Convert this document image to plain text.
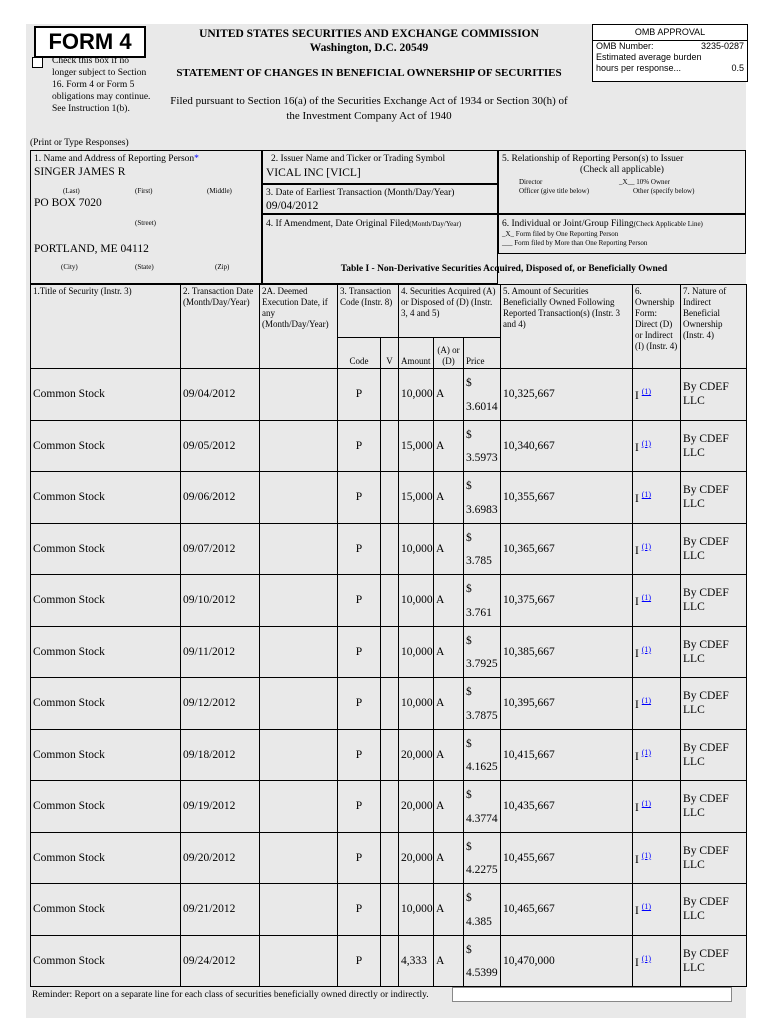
FORM 4
Check this box if no longer subject to Section 16. Form 4 or Form 5 obligations may continue. See Instruction 1(b).
UNITED STATES SECURITIES AND EXCHANGE COMMISSION
Washington, D.C. 20549
STATEMENT OF CHANGES IN BENEFICIAL OWNERSHIP OF SECURITIES
Filed pursuant to Section 16(a) of the Securities Exchange Act of 1934 or Section 30(h) of
the Investment Company Act of 1940
OMB APPROVAL
OMB Number:	3235-0287
Estimated average burden
hours per response...	0.5
(Print or Type Responses)
1. Name and Address of Reporting Person*
SINGER JAMES R
(Last)	(First)	(Middle)
PO BOX 7020
(Street)
PORTLAND, ME 04112
(City)	(State)	(Zip)
2. Issuer Name and Ticker or Trading Symbol
VICAL INC [VICL]
3. Date of Earliest Transaction (Month/Day/Year)
09/04/2012
4. If Amendment, Date Original Filed(Month/Day/Year)
5. Relationship of Reporting Person(s) to Issuer
(Check all applicable)
Director	_X__ 10% Owner
Officer (give title below)	Other (specify below)
6. Individual or Joint/Group Filing(Check Applicable Line)
_X_ Form filed by One Reporting Person
___ Form filed by More than One Reporting Person
Table I - Non-Derivative Securities Acquired, Disposed of, or Beneficially Owned
1.Title of Security (Instr. 3)	2. Transaction Date (Month/Day/Year)	2A. Deemed Execution Date, if any (Month/Day/Year)	3. Transaction Code (Instr. 8)		4. Securities Acquired (A) or Disposed of (D) (Instr. 3, 4 and 5)			5. Amount of Securities Beneficially Owned Following Reported Transaction(s) (Instr. 3 and 4)	6. Ownership Form: Direct (D) or Indirect (I) (Instr. 4)	7. Nature of Indirect Beneficial Ownership (Instr. 4)
			Code	V	Amount	(A) or (D)	Price			
Common Stock	09/04/2012		P		10,000	A	$
3.6014	10,325,667	I $^{(1)}$	By CDEF LLC
Common Stock	09/05/2012		P		15,000	A	$
3.5973	10,340,667	I $^{(1)}$	By CDEF LLC
Common Stock	09/06/2012		P		15,000	A	$
3.6983	10,355,667	I $^{(1)}$	By CDEF LLC
Common Stock	09/07/2012		P		10,000	A	$
3.785	10,365,667	I $^{(1)}$	By CDEF LLC
Common Stock	09/10/2012		P		10,000	A	$
3.761	10,375,667	I $^{(1)}$	By CDEF LLC
Common Stock	09/11/2012		P		10,000	A	$
3.7925	10,385,667	I $^{(1)}$	By CDEF LLC
Common Stock	09/12/2012		P		10,000	A	$
3.7875	10,395,667	I $^{(1)}$	By CDEF LLC
Common Stock	09/18/2012		P		20,000	A	$
4.1625	10,415,667	I $^{(1)}$	By CDEF LLC
Common Stock	09/19/2012		P		20,000	A	$
4.3774	10,435,667	I $^{(1)}$	By CDEF LLC
Common Stock	09/20/2012		P		20,000	A	$
4.2275	10,455,667	I $^{(1)}$	By CDEF LLC
Common Stock	09/21/2012		P		10,000	A	$
4.385	10,465,667	I $^{(1)}$	By CDEF LLC
Common Stock	09/24/2012		P		4,333	A	$
4.5399	10,470,000	I $^{(1)}$	By CDEF LLC
Reminder: Report on a separate line for each class of securities beneficially owned directly or indirectly.
